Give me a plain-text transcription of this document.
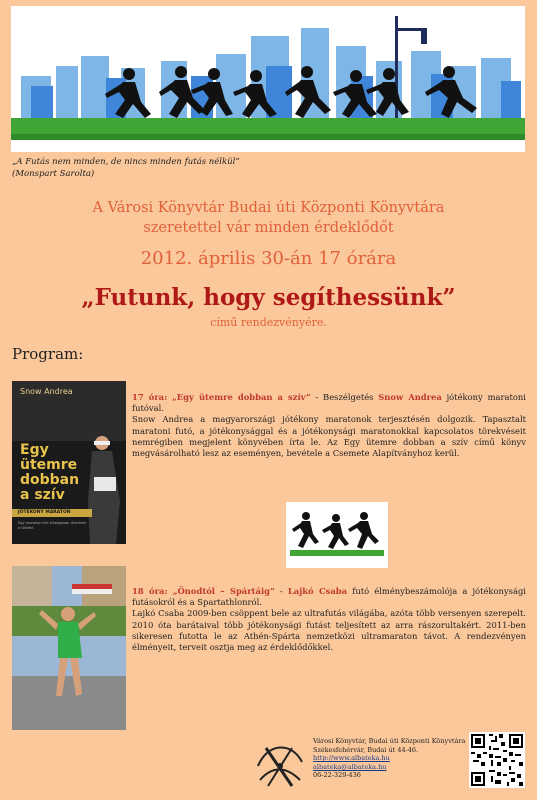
„A Futás nem minden, de nincs minden futás nélkül”
(Monspart Sarolta)
A Városi Könyvtár Budai úti Központi Könyvtára
szeretettel vár minden érdeklődőt
2012. április 30-án 17 órára
„Futunk, hogy segíthessünk”
című rendezvényére.
Program:
Snow Andrea
Egy
ütemre
dobban
a szív
JÓTÉKONY MARATON
Egy maraton tört túlságosan rövidnek a történt

17 óra: „Egy ütemre dobban a szív” - Beszélgetés Snow Andrea jótékony maratoni futóval.

Snow Andrea a magyarországi jótékony maratonok terjesztésén dolgozik. Tapasztalt maratoni futó, a jótékonysággal és a jótékonysági maratonokkal kapcsolatos törekvéseit nemrégiben megjelent könyvében írta le. Az Egy ütemre dobban a szív című könyv megvásárolható lesz az eseményen, bevétele a Csemete Alapítványhoz kerül.

18 óra: „Önodtól – Spártáig” - Lajkó Csaba futó élménybeszámolója a jótékonysági futásokról és a Spartathlonról.

Lajkó Csaba 2009-ben csöppent bele az ultrafutás világába, azóta több versenyen szerepelt. 2010 óta barátaival több jótékonysági futást teljesített az arra rászorultakért. 2011-ben sikeresen futotta le az Athén-Spárta nemzetközi ultramaraton távot. A rendezvényen élményeit, terveit osztja meg az érdeklődőkkel.

Városi Könyvtár, Budai úti Központi Könyvtára
Székesfehérvár, Budai út 44-46.
http://www.albateka.hu
albateka@albateka.hu
06-22-329-436
